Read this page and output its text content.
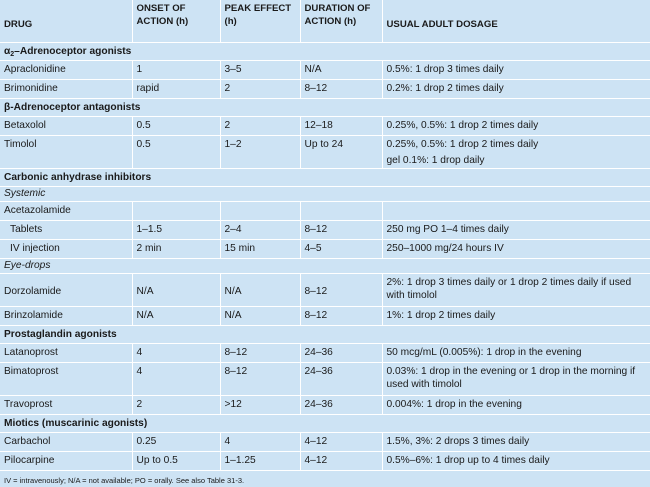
DRUG	ONSET OF ACTION (h)	PEAK EFFECT (h)	DURATION OF ACTION (h)	USUAL ADULT DOSAGE
$\alpha_2$–Adrenoceptor agonists				
Apraclonidine	1	3–5	N/A	0.5%: 1 drop 3 times daily
Brimonidine	rapid	2	8–12	0.2%: 1 drop 2 times daily
β-Adrenoceptor antagonists				
Betaxolol	0.5	2	12–18	0.25%, 0.5%: 1 drop 2 times daily
Timolol	0.5	1–2	Up to 24	0.25%, 0.5%: 1 drop 2 times daily
gel 0.1%: 1 drop daily

Carbonic anhydrase inhibitors				
Systemic				
Acetazolamide				
Tablets	1–1.5	2–4	8–12	250 mg PO 1–4 times daily
IV injection	2 min	15 min	4–5	250–1000 mg/24 hours IV
Eye-drops				
Dorzolamide	N/A	N/A	8–12	2%: 1 drop 3 times daily or 1 drop 2 times daily if used with timolol
Brinzolamide	N/A	N/A	8–12	1%: 1 drop 2 times daily
Prostaglandin agonists				
Latanoprost	4	8–12	24–36	50 mcg/mL (0.005%): 1 drop in the evening
Bimatoprost	4	8–12	24–36	0.03%: 1 drop in the evening or 1 drop in the morning if used with timolol
Travoprost	2	>12	24–36	0.004%: 1 drop in the evening
Miotics (muscarinic agonists)				
Carbachol	0.25	4	4–12	1.5%, 3%: 2 drops 3 times daily
Pilocarpine	Up to 0.5	1–1.25	4–12	0.5%–6%: 1 drop up to 4 times daily
IV = intravenously; N/A = not available; PO = orally. See also Table 31-3.				
